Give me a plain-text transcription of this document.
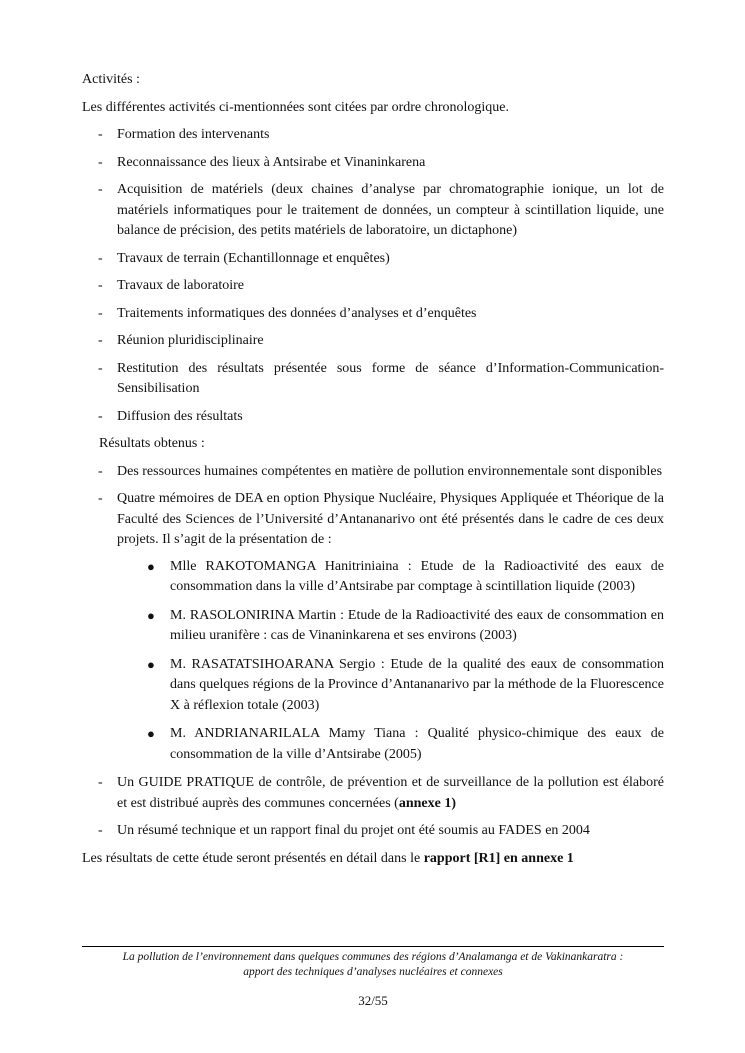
Activités :

Les différentes activités ci-mentionnées sont citées par ordre chronologique.

- Formation des intervenants
- Reconnaissance des lieux à Antsirabe et Vinaninkarena
- Acquisition de matériels (deux chaines d’analyse par chromatographie ionique, un lot de matériels informatiques pour le traitement de données, un compteur à scintillation liquide, une balance de précision, des petits matériels de laboratoire, un dictaphone)
- Travaux de terrain (Echantillonnage et enquêtes)
- Travaux de laboratoire
- Traitements informatiques des données d’analyses et d’enquêtes
- Réunion pluridisciplinaire
- Restitution des résultats présentée sous forme de séance d’Information-Communication-Sensibilisation
- Diffusion des résultats

Résultats obtenus :

- Des ressources humaines compétentes en matière de pollution environnementale sont disponibles
- Quatre mémoires de DEA en option Physique Nucléaire, Physiques Appliquée et Théorique de la Faculté des Sciences de l’Université d’Antananarivo ont été présentés dans le cadre de ces deux projets. Il s’agit de la présentation de :
● Mlle RAKOTOMANGA Hanitriniaina : Etude de la Radioactivité des eaux de consommation dans la ville d’Antsirabe par comptage à scintillation liquide (2003)
● M. RASOLONIRINA Martin : Etude de la Radioactivité des eaux de consommation en milieu uranifère : cas de Vinaninkarena et ses environs (2003)
● M. RASATATSIHOARANA Sergio : Etude de la qualité des eaux de consommation dans quelques régions de la Province d’Antananarivo par la méthode de la Fluorescence X à réflexion totale (2003)
● M. ANDRIANARILALA Mamy Tiana : Qualité physico-chimique des eaux de consommation de la ville d’Antsirabe (2005)
- Un GUIDE PRATIQUE de contrôle, de prévention et de surveillance de la pollution est élaboré et est distribué auprès des communes concernées (annexe 1)
- Un résumé technique et un rapport final du projet ont été soumis au FADES en 2004

Les résultats de cette étude seront présentés en détail dans le rapport [R1] en annexe 1

La pollution de l’environnement dans quelques communes des régions d’Analamanga et de Vakinankaratra :
apport des techniques d’analyses nucléaires et connexes
32/55
